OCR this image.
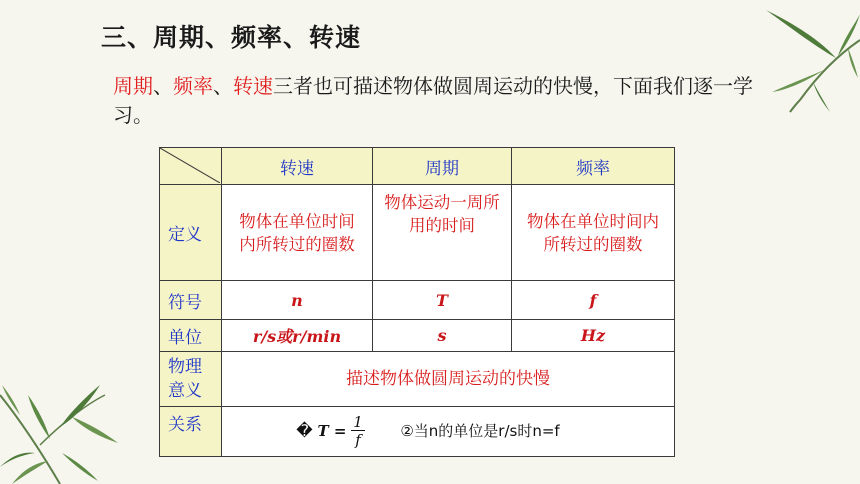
三、周期、频率、转速
周期、频率、转速三者也可描述物体做圆周运动的快慢，下面我们逐一学习。
	转速	周期	频率
定义	物体在单位时间内所转过的圈数	物体运动一周所用的时间	物体在单位时间内所转过的圈数
符号	n	T	f
单位	r/s或r/min	s	Hz
物理意义	描述物体做圆周运动的快慢		
关系	� $T = \frac{1}{f}$ ②当n的单位是r/s时n=f		
